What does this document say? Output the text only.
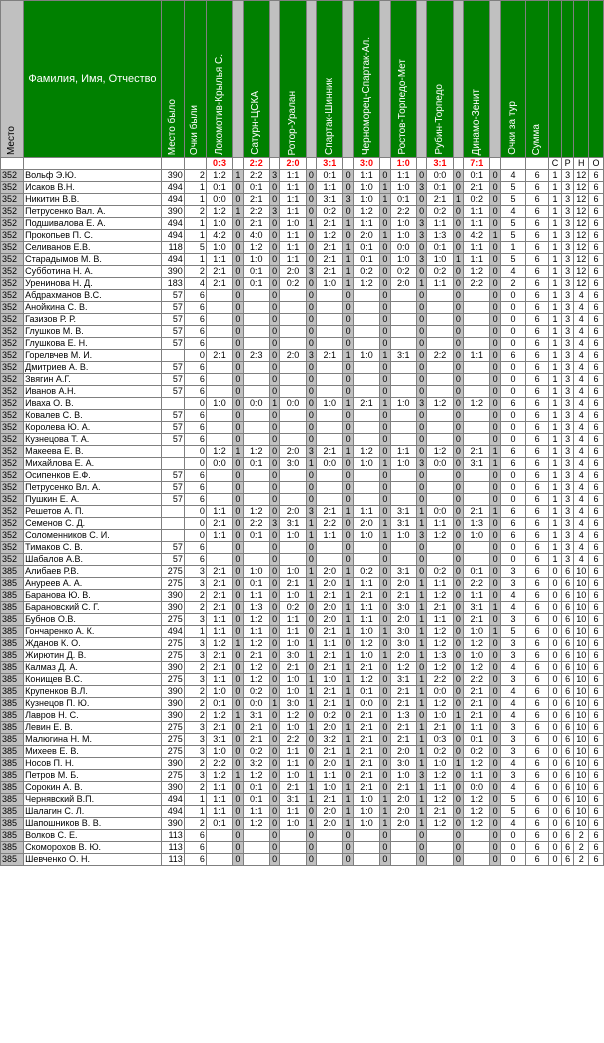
Место	Фамилия, Имя, Отчество	Место было	Очки были	Локомотив-Крылья С.		Сатурн-ЦСКА		Ротор-Уралан		Спартак-Шинник		Черноморец-Спартак-Ал.		Ростов-Торпедо-Мет		Рубин-Торпедо		Динамо-Зенит		Очки за тур	Сумма				

				0:3		2:2		2:0		3:1		3:0		1:0		3:1		7:1				С	Р	Н	О
352	Вольф Э.Ю.	390	2	1:2	1	2:2	3	1:1	0	0:1	0	1:1	0	1:1	0	0:0	0	0:1	0	4	6	1	3	12	6
352	Исаков В.Н.	494	1	0:1	0	0:1	0	1:1	0	1:1	0	1:0	1	1:0	3	0:1	0	2:1	0	5	6	1	3	12	6
352	Никитин В.В.	494	1	0:0	0	2:1	0	1:1	0	3:1	3	1:0	1	0:1	0	2:1	1	0:2	0	5	6	1	3	12	6
352	Петрусенко Вал. А.	390	2	1:2	1	2:2	3	1:1	0	0:2	0	1:2	0	2:2	0	0:2	0	1:1	0	4	6	1	3	12	6
352	Подшивалова Е. А.	494	1	1:0	0	2:1	0	1:0	1	2:1	1	1:1	0	1:0	3	1:1	0	1:1	0	5	6	1	3	12	6
352	Прокопьев П. С.	494	1	4:2	0	4:0	0	1:1	0	1:2	0	2:0	1	1:0	3	1:3	0	4:2	1	5	6	1	3	12	6
352	Селиванов Е.В.	118	5	1:0	0	1:2	0	1:1	0	2:1	1	0:1	0	0:0	0	0:1	0	1:1	0	1	6	1	3	12	6
352	Старадымов М. В.	494	1	1:1	0	1:0	0	1:1	0	2:1	1	0:1	0	1:0	3	1:0	1	1:1	0	5	6	1	3	12	6
352	Субботина Н. А.	390	2	2:1	0	0:1	0	2:0	3	2:1	1	0:2	0	0:2	0	0:2	0	1:2	0	4	6	1	3	12	6
352	Уренинова Н. Д.	183	4	2:1	0	0:1	0	0:2	0	1:0	1	1:2	0	2:0	1	1:1	0	2:2	0	2	6	1	3	12	6
352	Абдрахманов В.С.	57	6		0		0		0		0		0		0		0		0	0	6	1	3	4	6
352	Анойкина С. В.	57	6		0		0		0		0		0		0		0		0	0	6	1	3	4	6
352	Газизов Р. Р.	57	6		0		0		0		0		0		0		0		0	0	6	1	3	4	6
352	Глушков М. В.	57	6		0		0		0		0		0		0		0		0	0	6	1	3	4	6
352	Глушкова Е. Н.	57	6		0		0		0		0		0		0		0		0	0	6	1	3	4	6
352	Горелвчев М. И.		0	2:1	0	2:3	0	2:0	3	2:1	1	1:0	1	3:1	0	2:2	0	1:1	0	6	6	1	3	4	6
352	Дмитриев А. В.	57	6		0		0		0		0		0		0		0		0	0	6	1	3	4	6
352	Звягин А.Г.	57	6		0		0		0		0		0		0		0		0	0	6	1	3	4	6
352	Иванов А.Н.	57	6		0		0		0		0		0		0		0		0	0	6	1	3	4	6
352	Иваха О. В.		0	1:0	0	0:0	1	0:0	0	1:0	1	2:1	1	1:0	3	1:2	0	1:2	0	6	6	1	3	4	6
352	Ковалев С. В.	57	6		0		0		0		0		0		0		0		0	0	6	1	3	4	6
352	Королева Ю. А.	57	6		0		0		0		0		0		0		0		0	0	6	1	3	4	6
352	Кузнецова Т. А.	57	6		0		0		0		0		0		0		0		0	0	6	1	3	4	6
352	Макеева Е. В.		0	1:2	1	1:2	0	2:0	3	2:1	1	1:2	0	1:1	0	1:2	0	2:1	1	6	6	1	3	4	6
352	Михайлова Е. А.		0	0:0	0	0:1	0	3:0	1	0:0	0	1:0	1	1:0	3	0:0	0	3:1	1	6	6	1	3	4	6
352	Осипенков Е.Ф.	57	6		0		0		0		0		0		0		0		0	0	6	1	3	4	6
352	Петрусенко Вл. А.	57	6		0		0		0		0		0		0		0		0	0	6	1	3	4	6
352	Пушкин Е. А.	57	6		0		0		0		0		0		0		0		0	0	6	1	3	4	6
352	Решетов А. П.		0	1:1	0	1:2	0	2:0	3	2:1	1	1:1	0	3:1	1	0:0	0	2:1	1	6	6	1	3	4	6
352	Семенов С. Д.		0	2:1	0	2:2	3	3:1	1	2:2	0	2:0	1	3:1	1	1:1	0	1:3	0	6	6	1	3	4	6
352	Соломенников С. И.		0	1:1	0	0:1	0	1:0	1	1:1	0	1:0	1	1:0	3	1:2	0	1:0	0	6	6	1	3	4	6
352	Тимаков С. В.	57	6		0		0		0		0		0		0		0		0	0	6	1	3	4	6
352	Шабалов А.В.	57	6		0		0		0		0		0		0		0		0	0	6	1	3	4	6
385	Алибаев Р.В.	275	3	2:1	0	1:0	0	1:0	1	2:0	1	0:2	0	3:1	0	0:2	0	0:1	0	3	6	0	6	10	6
385	Ануреев А. А.	275	3	2:1	0	0:1	0	2:1	1	2:0	1	1:1	0	2:0	1	1:1	0	2:2	0	3	6	0	6	10	6
385	Баранова Ю. В.	390	2	2:1	0	1:1	0	1:0	1	2:1	1	2:1	0	2:1	1	1:2	0	1:1	0	4	6	0	6	10	6
385	Барановский С. Г.	390	2	2:1	0	1:3	0	0:2	0	2:0	1	1:1	0	3:0	1	2:1	0	3:1	1	4	6	0	6	10	6
385	Бубнов О.В.	275	3	1:1	0	1:2	0	1:1	0	2:0	1	1:1	0	2:0	1	1:1	0	2:1	0	3	6	0	6	10	6
385	Гончаренко А. К.	494	1	1:1	0	1:1	0	1:1	0	2:1	1	1:0	1	3:0	1	1:2	0	1:0	1	5	6	0	6	10	6
385	Жданов К. О.	275	3	1:2	1	1:2	0	1:0	1	1:1	0	1:2	0	3:0	1	1:2	0	1:2	0	3	6	0	6	10	6
385	Жирютин Д. В.	275	3	2:1	0	2:1	0	3:0	1	2:1	1	1:0	1	2:0	1	1:3	0	1:0	0	3	6	0	6	10	6
385	Калмаз Д. А.	390	2	2:1	0	1:2	0	2:1	0	2:1	1	2:1	0	1:2	0	1:2	0	1:2	0	4	6	0	6	10	6
385	Конищев В.С.	275	3	1:1	0	1:2	0	1:0	1	1:0	1	1:2	0	3:1	1	2:2	0	2:2	0	3	6	0	6	10	6
385	Крупенков В.Л.	390	2	1:0	0	0:2	0	1:0	1	2:1	1	0:1	0	2:1	1	0:0	0	2:1	0	4	6	0	6	10	6
385	Кузнецов П. Ю.	390	2	0:1	0	0:0	1	3:0	1	2:1	1	0:0	0	2:1	1	1:2	0	2:1	0	4	6	0	6	10	6
385	Лавров Н. С.	390	2	1:2	1	3:1	0	1:2	0	0:2	0	2:1	0	1:3	0	1:0	1	2:1	0	4	6	0	6	10	6
385	Левин Е. В.	275	3	2:1	0	2:1	0	1:0	1	2:0	1	2:1	0	2:1	1	2:1	0	1:1	0	3	6	0	6	10	6
385	Малюгина Н. М.	275	3	3:1	0	2:1	0	2:2	0	3:2	1	2:1	0	2:1	1	0:3	0	0:1	0	3	6	0	6	10	6
385	Михеев Е. В.	275	3	1:0	0	0:2	0	1:1	0	2:1	1	2:1	0	2:0	1	0:2	0	0:2	0	3	6	0	6	10	6
385	Носов П. Н.	390	2	2:2	0	3:2	0	1:1	0	2:0	1	2:1	0	3:0	1	1:0	1	1:2	0	4	6	0	6	10	6
385	Петров М. Б.	275	3	1:2	1	1:2	0	1:0	1	1:1	0	2:1	0	1:0	3	1:2	0	1:1	0	3	6	0	6	10	6
385	Сорокин А. В.	390	2	1:1	0	0:1	0	2:1	1	1:0	1	2:1	0	2:1	1	1:1	0	0:0	0	4	6	0	6	10	6
385	Чернявский В.П.	494	1	1:1	0	0:1	0	3:1	1	2:1	1	1:0	1	2:0	1	1:2	0	1:2	0	5	6	0	6	10	6
385	Шалагин С. Л.	494	1	1:1	0	1:1	0	1:1	0	2:0	1	1:0	1	2:0	1	2:1	0	1:2	0	5	6	0	6	10	6
385	Шапошников В. В.	390	2	0:1	0	1:2	0	1:0	1	2:0	1	1:0	1	2:0	1	1:2	0	1:2	0	4	6	0	6	10	6
385	Волков С. Е.	113	6		0		0		0		0		0		0		0		0	0	6	0	6	2	6
385	Скоморохов В. Ю.	113	6		0		0		0		0		0		0		0		0	0	6	0	6	2	6
385	Шевченко О. Н.	113	6		0		0		0		0		0		0		0		0	0	6	0	6	2	6
